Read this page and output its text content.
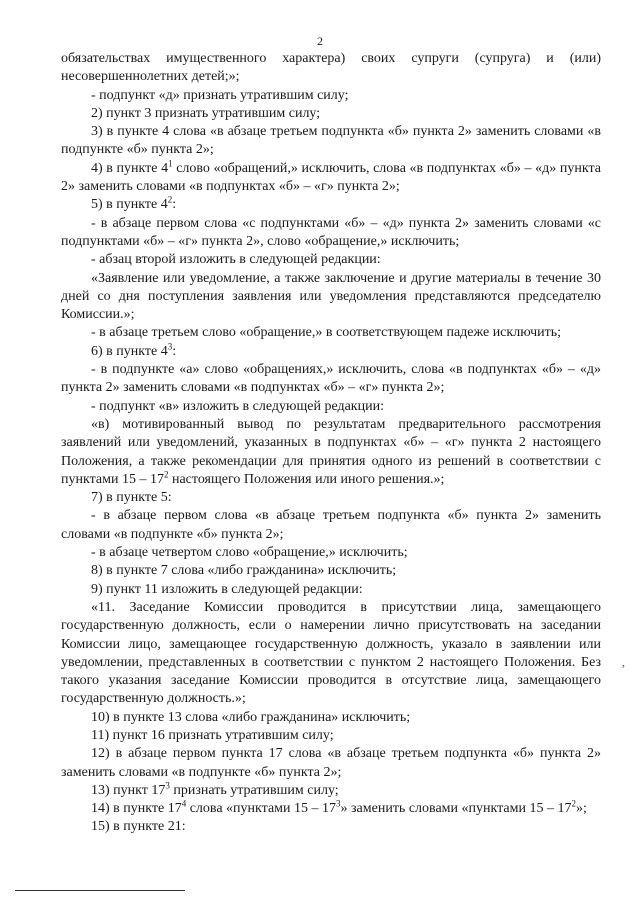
2

обязательствах имущественного характера) своих супруги (супруга) и (или) несовершеннолетних детей;»;

- подпункт «д» признать утратившим силу;

2) пункт 3 признать утратившим силу;

3) в пункте 4 слова «в абзаце третьем подпункта «б» пункта 2» заменить словами «в подпункте «б» пункта 2»;

4) в пункте $4^1$ слово «обращений,» исключить, слова «в подпунктах «б» – «д» пункта 2» заменить словами «в подпунктах «б» – «г» пункта 2»;

5) в пункте $4^2$:

- в абзаце первом слова «с подпунктами «б» – «д» пункта 2» заменить словами «с подпунктами «б» – «г» пункта 2», слово «обращение,» исключить;

- абзац второй изложить в следующей редакции:

«Заявление или уведомление, а также заключение и другие материалы в течение 30 дней со дня поступления заявления или уведомления представляются председателю Комиссии.»;

- в абзаце третьем слово «обращение,» в соответствующем падеже исключить;

6) в пункте $4^3$:

- в подпункте «а» слово «обращениях,» исключить, слова «в подпунктах «б» – «д» пункта 2» заменить словами «в подпунктах «б» – «г» пункта 2»;

- подпункт «в» изложить в следующей редакции:

«в) мотивированный вывод по результатам предварительного рассмотрения заявлений или уведомлений, указанных в подпунктах «б» – «г» пункта 2 настоящего Положения, а также рекомендации для принятия одного из решений в соответствии с пунктами $15 - 17^2$ настоящего Положения или иного решения.»;

7) в пункте 5:

- в абзаце первом слова «в абзаце третьем подпункта «б» пункта 2» заменить словами «в подпункте «б» пункта 2»;

- в абзаце четвертом слово «обращение,» исключить;

8) в пункте 7 слова «либо гражданина» исключить;

9) пункт 11 изложить в следующей редакции:

«11. Заседание Комиссии проводится в присутствии лица, замещающего государственную должность, если о намерении лично присутствовать на заседании Комиссии лицо, замещающее государственную должность, указало в заявлении или уведомлении, представленных в соответствии с пунктом 2 настоящего Положения. Без такого указания заседание Комиссии проводится в отсутствие лица, замещающего государственную должность.»;

10) в пункте 13 слова «либо гражданина» исключить;

11) пункт 16 признать утратившим силу;

12) в абзаце первом пункта 17 слова «в абзаце третьем подпункта «б» пункта 2» заменить словами «в подпункте «б» пункта 2»;

13) пункт $17^3$ признать утратившим силу;

14) в пункте $17^4$ слова «пунктами $15 - 17^3$» заменить словами «пунктами $15 - 17^2$»;

15) в пункте 21:

,
